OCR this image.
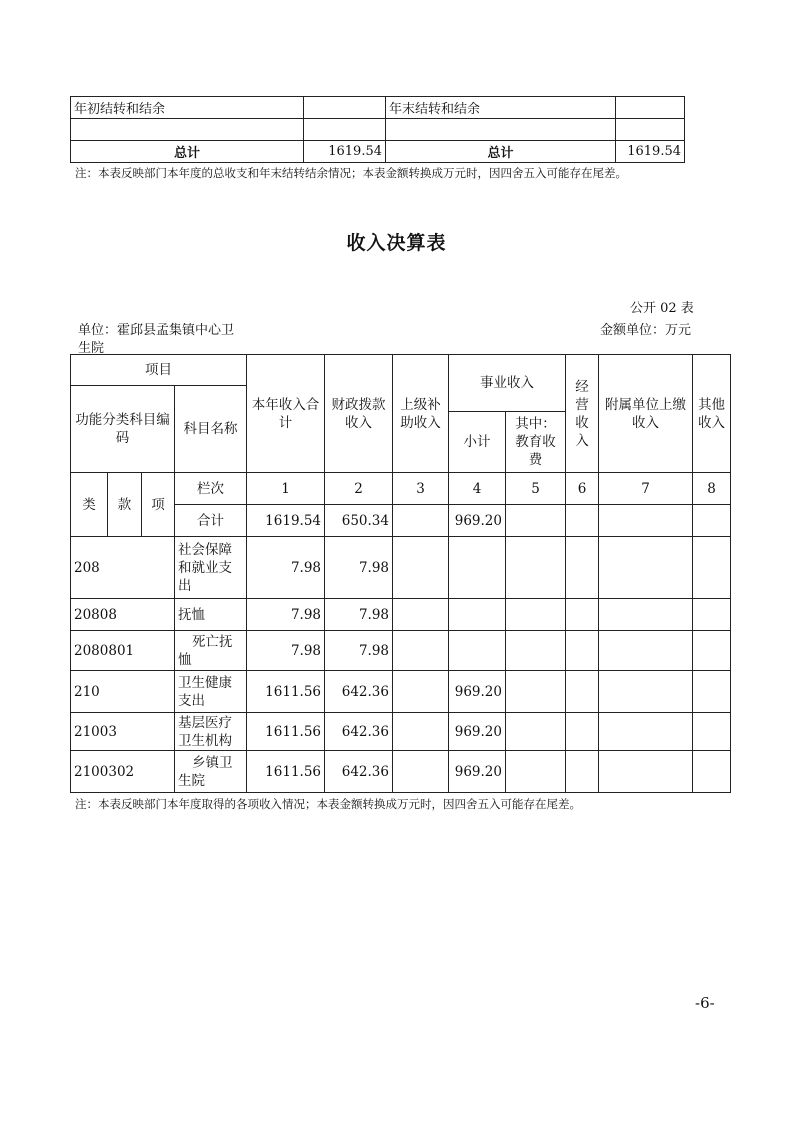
年初结转和结余		年末结转和结余	

总计	1619.54	总计	1619.54
注：本表反映部门本年度的总收支和年末结转结余情况；本表金额转换成万元时，因四舍五入可能存在尾差。
收入决算表
公开 02 表
单位：霍邱县孟集镇中心卫
生院
金额单位：万元
项目				本年收入合计	财政拨款收入	上级补助收入	事业收入		经营收入	附属单位上缴收入	其他收入
功能分类科目编码			科目名称								
							小计	其中：教育收费			
类	款	项	栏次	1	2	3	4	5	6	7	8
			合计	1619.54	650.34		969.20				
208			社会保障和就业支出	7.98	7.98						
20808			抚恤	7.98	7.98						
2080801			死亡抚恤	7.98	7.98						
210			卫生健康支出	1611.56	642.36		969.20				
21003			基层医疗卫生机构	1611.56	642.36		969.20				
2100302			乡镇卫生院	1611.56	642.36		969.20				
注：本表反映部门本年度取得的各项收入情况；本表金额转换成万元时，因四舍五入可能存在尾差。
-6-
